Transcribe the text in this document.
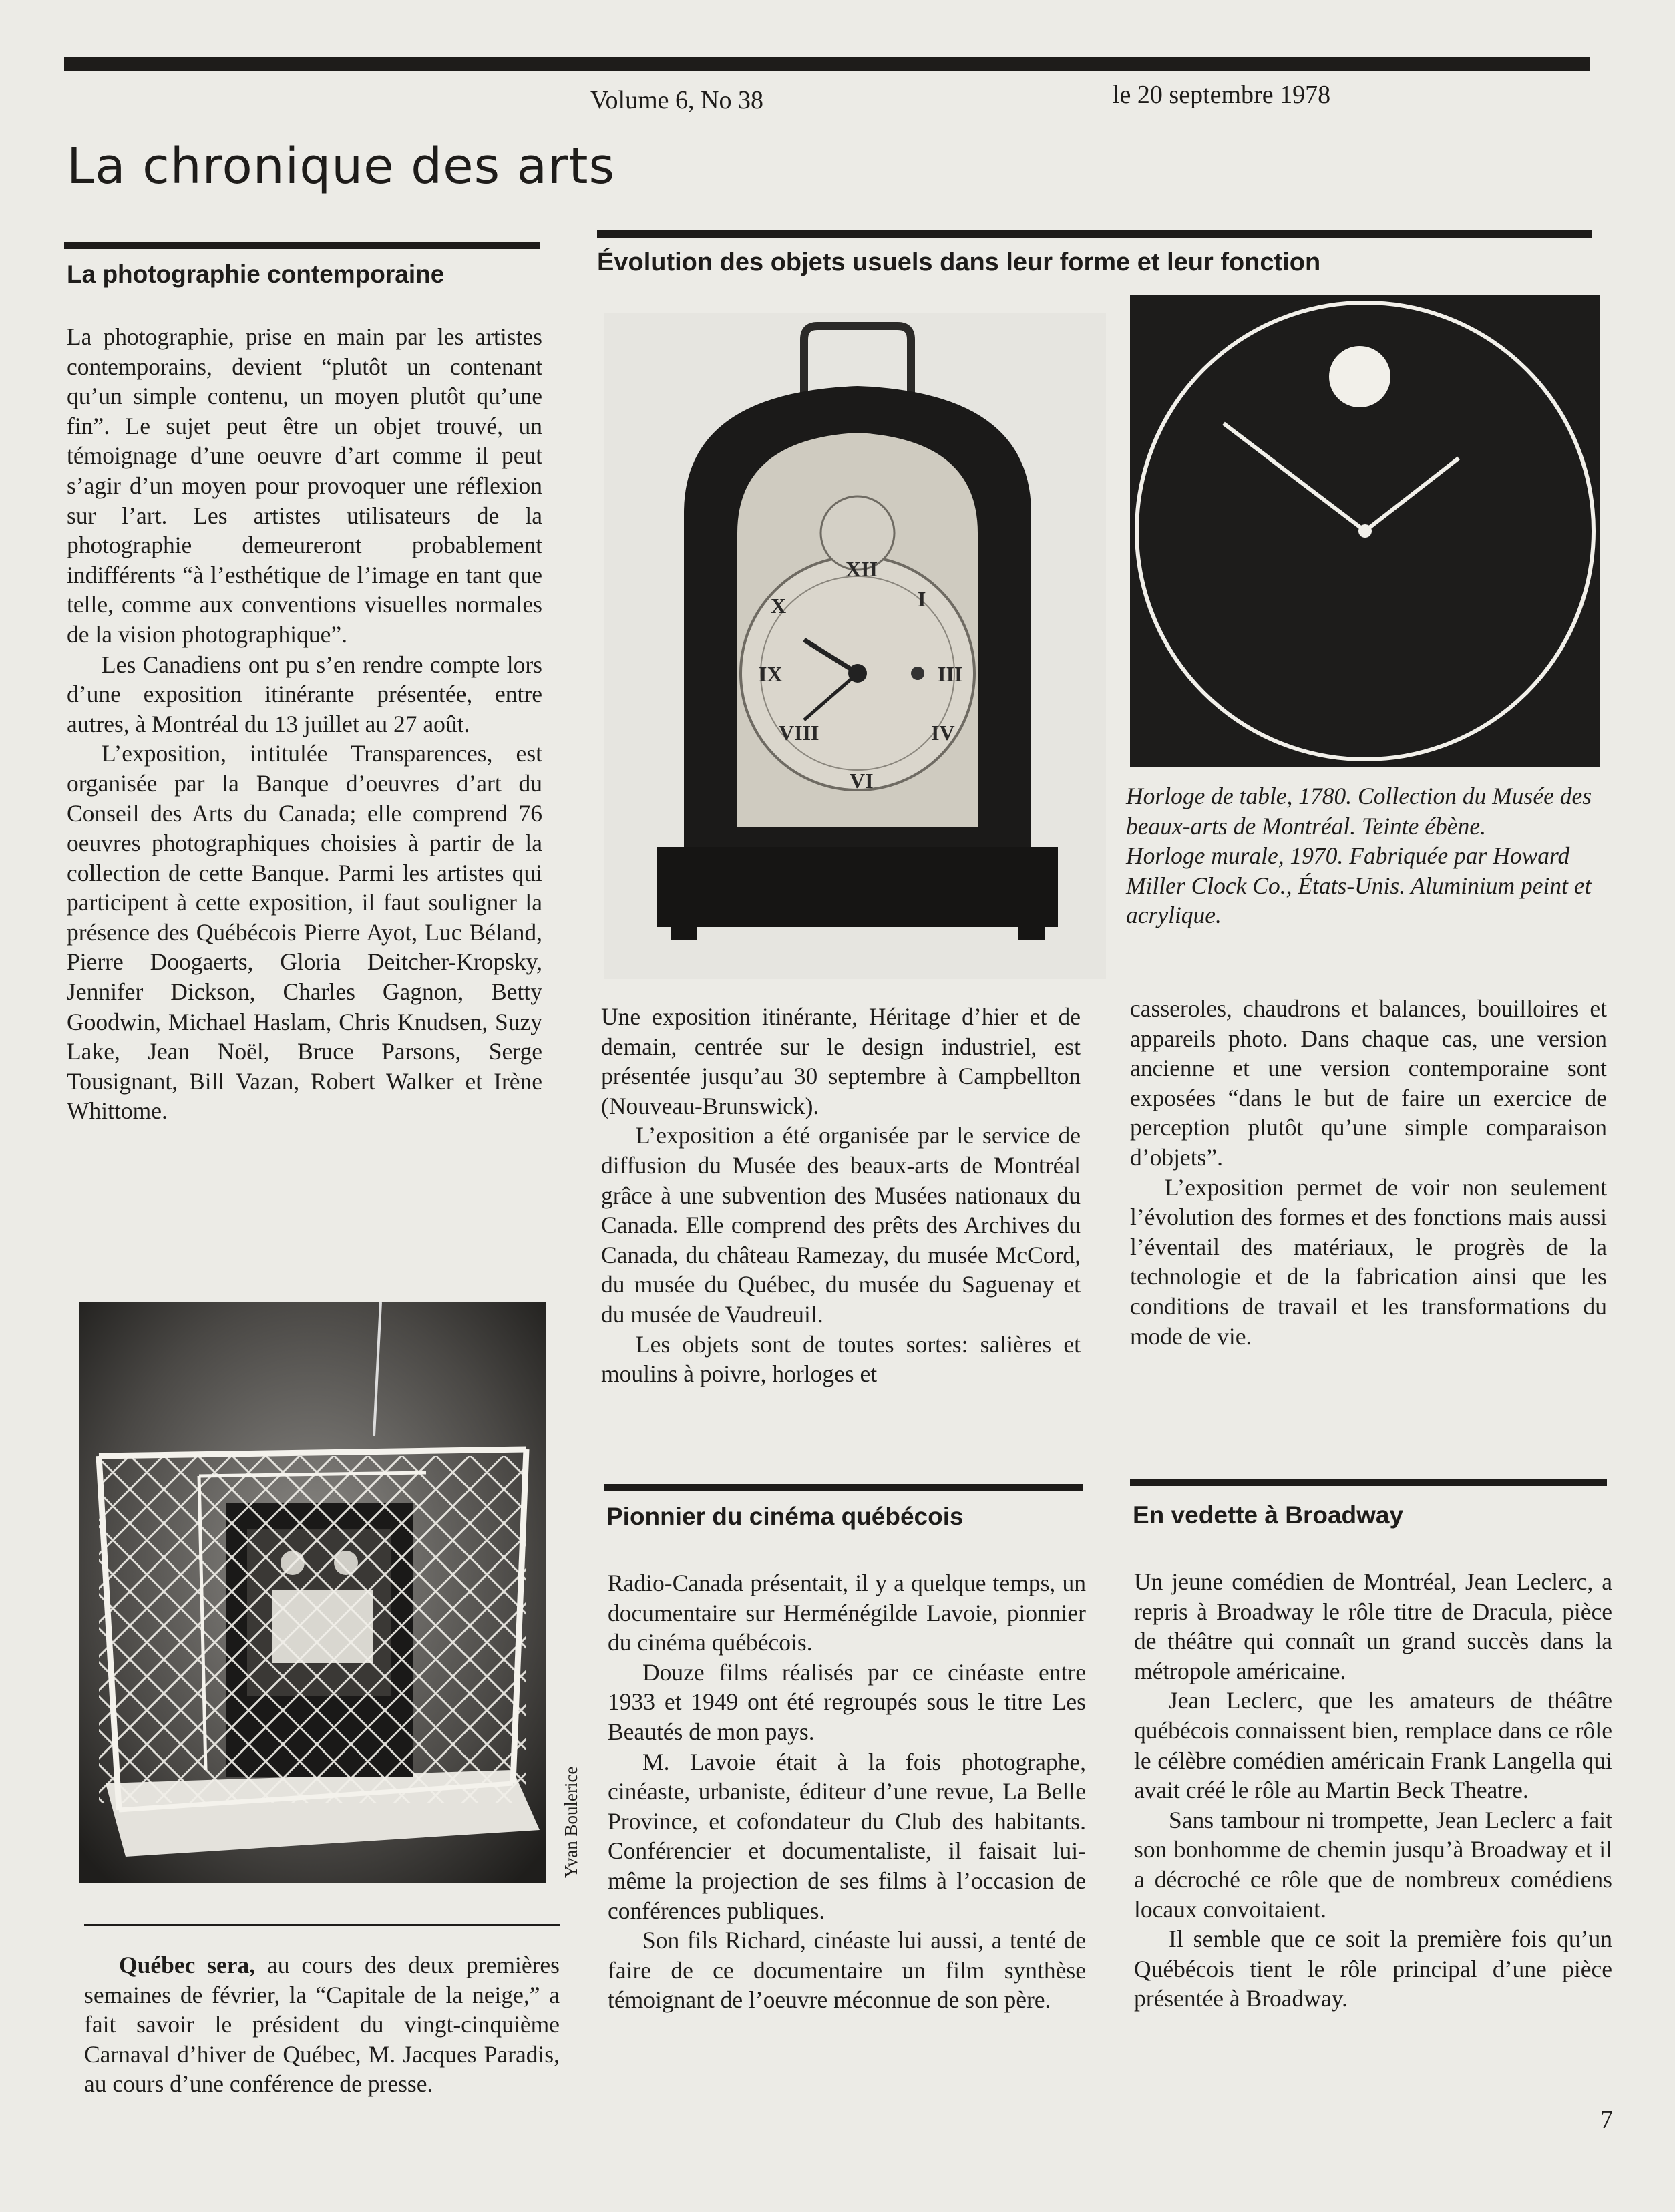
Volume 6, No 38	le 20 septembre 1978
La chronique des arts
La photographie contemporaine

La photographie, prise en main par les artistes contemporains, devient “plutôt un contenant qu’un simple contenu, un moyen plutôt qu’une fin”. Le sujet peut être un objet trouvé, un témoignage d’une oeuvre d’art comme il peut s’agir d’un moyen pour provoquer une réflexion sur l’art. Les artistes utilisateurs de la photographie demeureront probablement indifférents “à l’esthétique de l’image en tant que telle, comme aux conventions visuelles normales de la vision photographique”.

Les Canadiens ont pu s’en rendre compte lors d’une exposition itinérante présentée, entre autres, à Montréal du 13 juillet au 27 août.

L’exposition, intitulée Transparences, est organisée par la Banque d’oeuvres d’art du Conseil des Arts du Canada; elle comprend 76 oeuvres photographiques choisies à partir de la collection de cette Banque. Parmi les artistes qui participent à cette exposition, il faut souligner la présence des Québécois Pierre Ayot, Luc Béland, Pierre Doogaerts, Gloria Deitcher-Kropsky, Jennifer Dickson, Charles Gagnon, Betty Goodwin, Michael Haslam, Chris Knudsen, Suzy Lake, Jean Noël, Bruce Parsons, Serge Tousignant, Bill Vazan, Robert Walker et Irène Whittome.

Yvan Boulerice

Québec sera, au cours des deux premières semaines de février, la “Capitale de la neige,” a fait savoir le président du vingt-cinquième Carnaval d’hiver de Québec, M. Jacques Paradis, au cours d’une conférence de presse.

Évolution des objets usuels dans leur forme et leur fonction
XII
III
VI
IX
I
IV
VIII
X

Horloge de table, 1780. Collection du Musée des beaux-arts de Montréal. Teinte ébène.

Horloge murale, 1970. Fabriquée par Howard Miller Clock Co., États-Unis. Aluminium peint et acrylique.

Une exposition itinérante, Héritage d’hier et de demain, centrée sur le design industriel, est présentée jusqu’au 30 septembre à Campbellton (Nouveau-Brunswick).

L’exposition a été organisée par le service de diffusion du Musée des beaux-arts de Montréal grâce à une subvention des Musées nationaux du Canada. Elle comprend des prêts des Archives du Canada, du château Ramezay, du musée McCord, du musée du Québec, du musée du Saguenay et du musée de Vaudreuil.

Les objets sont de toutes sortes: salières et moulins à poivre, horloges et

casseroles, chaudrons et balances, bouilloires et appareils photo. Dans chaque cas, une version ancienne et une version contemporaine sont exposées “dans le but de faire un exercice de perception plutôt qu’une simple comparaison d’objets”.

L’exposition permet de voir non seulement l’évolution des formes et des fonctions mais aussi l’éventail des matériaux, le progrès de la technologie et de la fabrication ainsi que les conditions de travail et les transformations du mode de vie.

Pionnier du cinéma québécois

Radio-Canada présentait, il y a quelque temps, un documentaire sur Herménégilde Lavoie, pionnier du cinéma québécois.

Douze films réalisés par ce cinéaste entre 1933 et 1949 ont été regroupés sous le titre Les Beautés de mon pays.

M. Lavoie était à la fois photographe, cinéaste, urbaniste, éditeur d’une revue, La Belle Province, et cofondateur du Club des habitants. Conférencier et documentaliste, il faisait lui-même la projection de ses films à l’occasion de conférences publiques.

Son fils Richard, cinéaste lui aussi, a tenté de faire de ce documentaire un film synthèse témoignant de l’oeuvre méconnue de son père.

En vedette à Broadway

Un jeune comédien de Montréal, Jean Leclerc, a repris à Broadway le rôle titre de Dracula, pièce de théâtre qui connaît un grand succès dans la métropole américaine.

Jean Leclerc, que les amateurs de théâtre québécois connaissent bien, remplace dans ce rôle le célèbre comédien américain Frank Langella qui avait créé le rôle au Martin Beck Theatre.

Sans tambour ni trompette, Jean Leclerc a fait son bonhomme de chemin jusqu’à Broadway et il a décroché ce rôle que de nombreux comédiens locaux convoitaient.

Il semble que ce soit la première fois qu’un Québécois tient le rôle principal d’une pièce présentée à Broadway.

7
